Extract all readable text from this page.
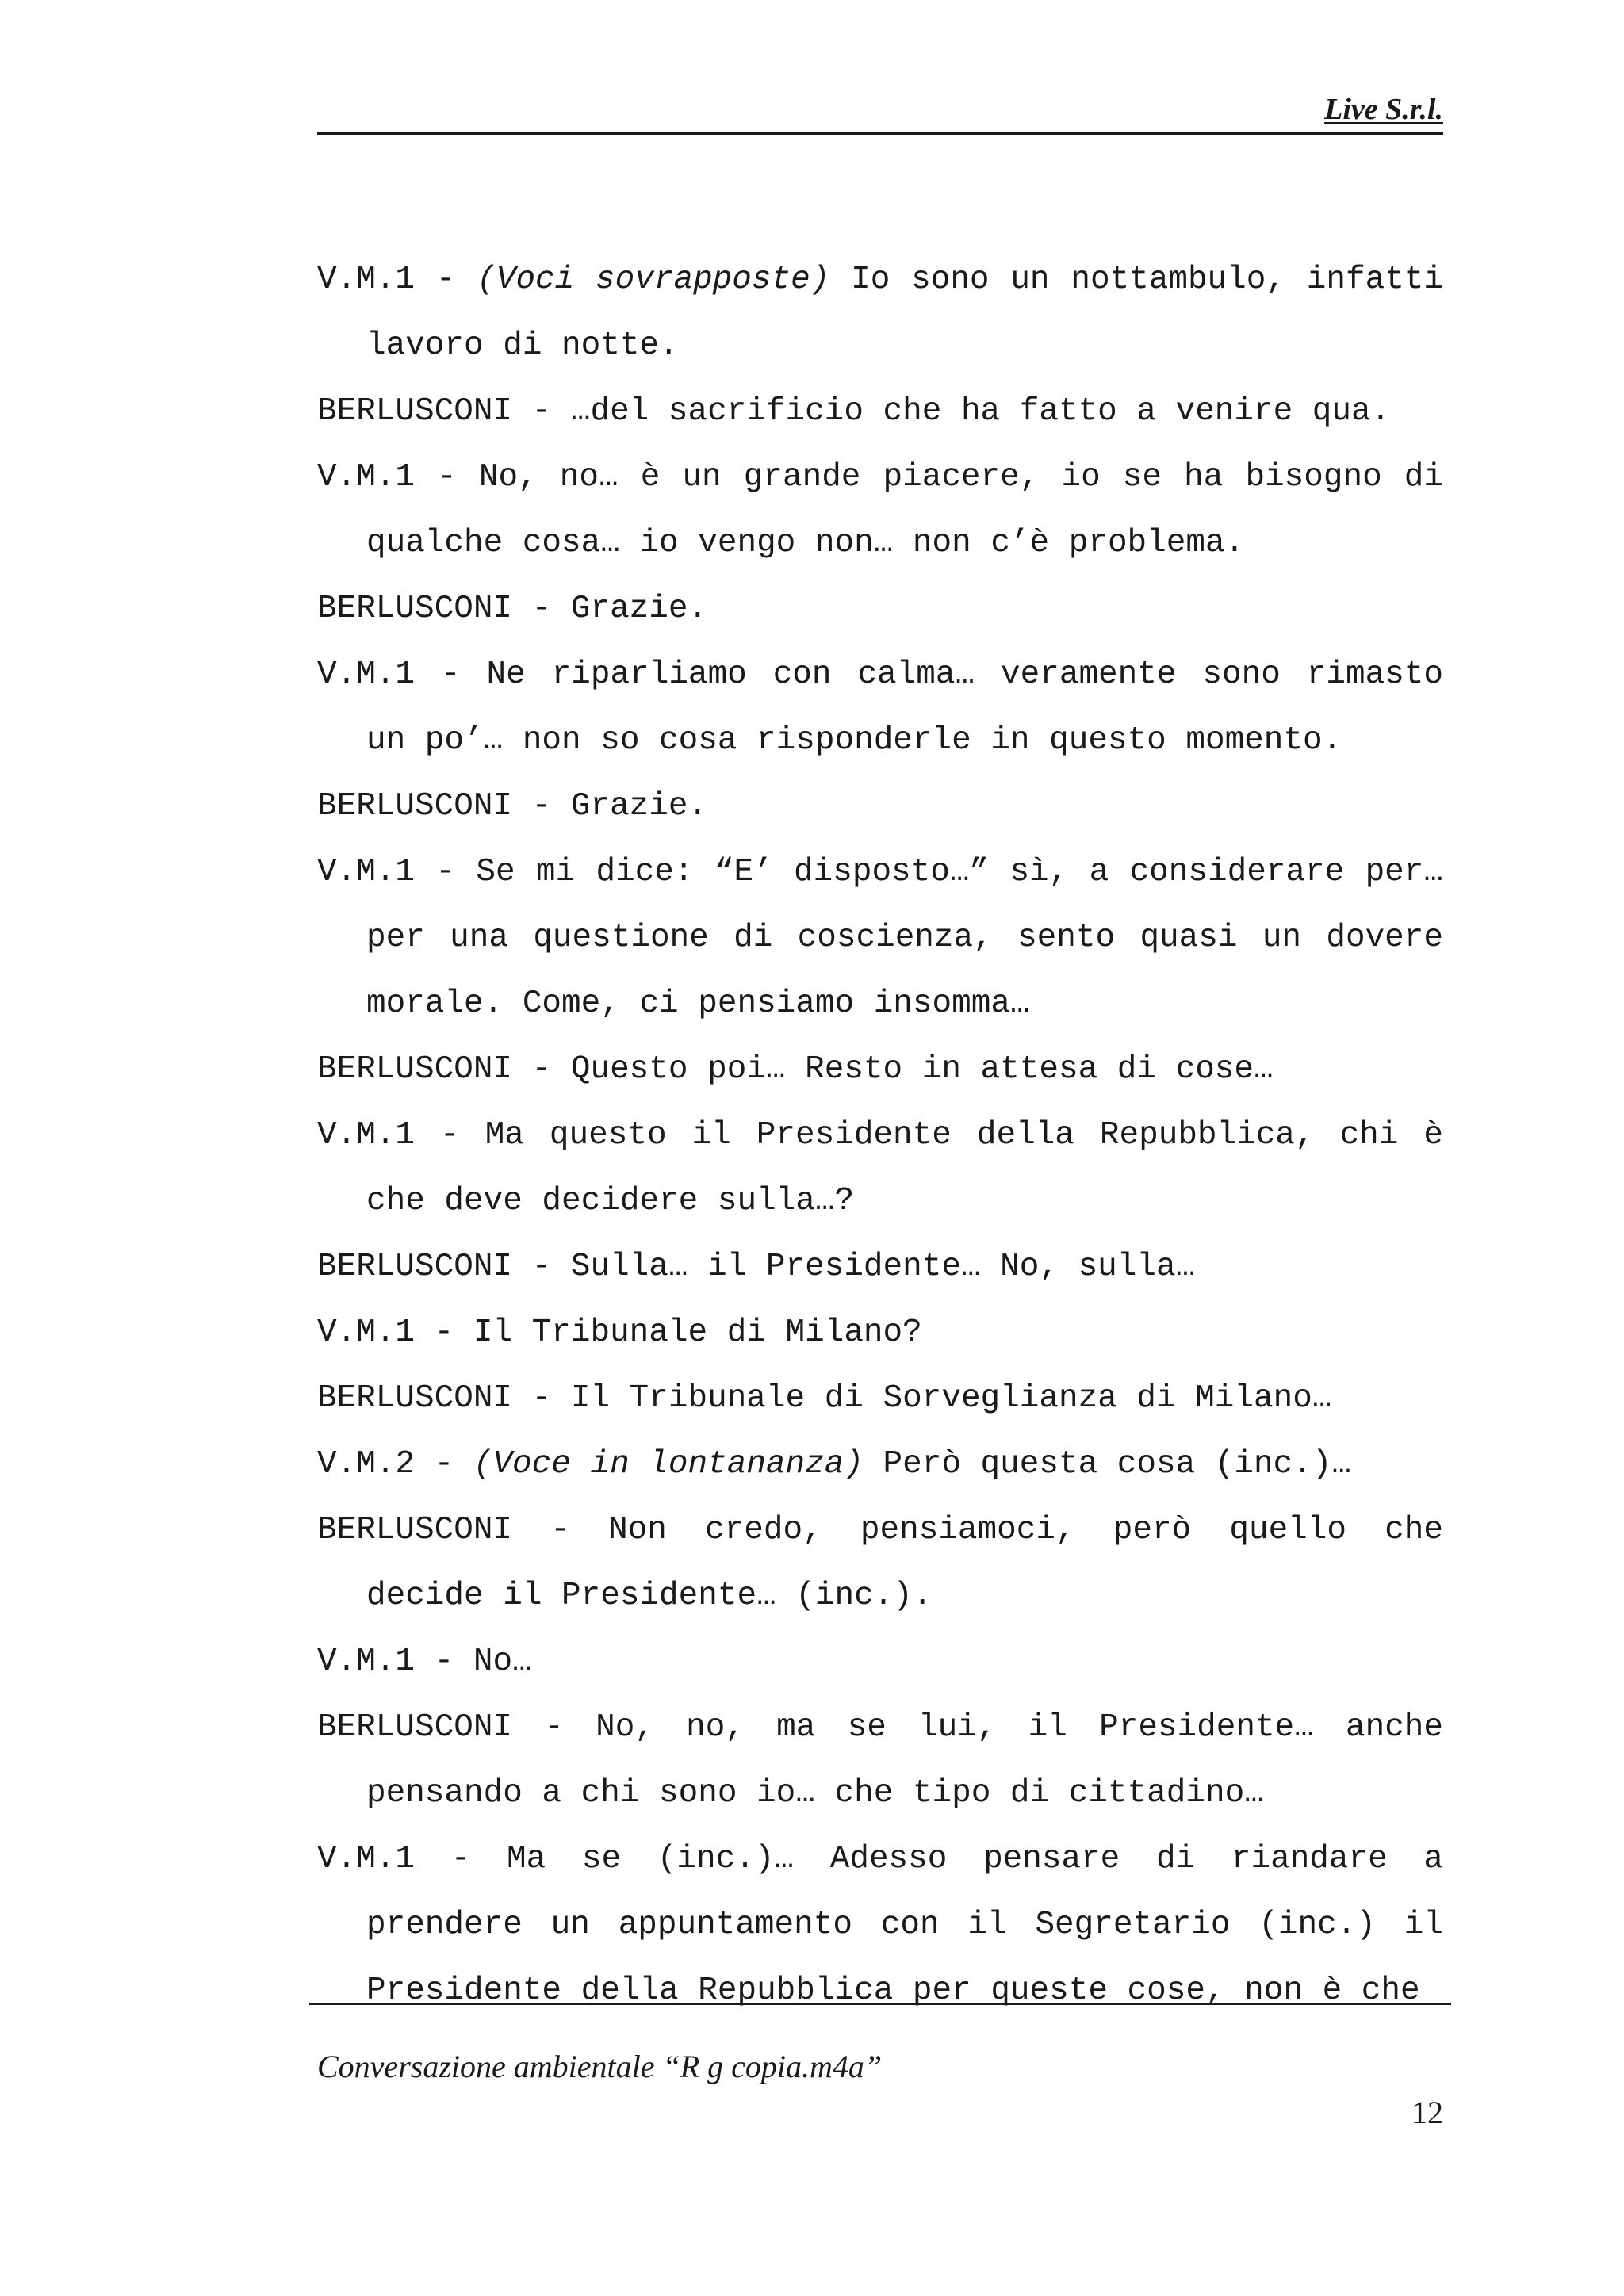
Live S.r.l.

V.M.1 - (Voci sovrapposte) Io sono un nottambulo, infatti lavoro di notte.

BERLUSCONI - …del sacrificio che ha fatto a venire qua.

V.M.1 - No, no… è un grande piacere, io se ha bisogno di qualche cosa… io vengo non… non c’è problema.

BERLUSCONI - Grazie.

V.M.1 - Ne riparliamo con calma… veramente sono rimasto un po’… non so cosa risponderle in questo momento.

BERLUSCONI - Grazie.

V.M.1 - Se mi dice: “E’ disposto…” sì, a considerare per… per una questione di coscienza, sento quasi un dovere morale. Come, ci pensiamo insomma…

BERLUSCONI - Questo poi… Resto in attesa di cose…

V.M.1 - Ma questo il Presidente della Repubblica, chi è che deve decidere sulla…?

BERLUSCONI - Sulla… il Presidente… No, sulla…

V.M.1 - Il Tribunale di Milano?

BERLUSCONI - Il Tribunale di Sorveglianza di Milano…

V.M.2 - (Voce in lontananza) Però questa cosa (inc.)…

BERLUSCONI - Non credo, pensiamoci, però quello che decide il Presidente… (inc.).

V.M.1 - No…

BERLUSCONI - No, no, ma se lui, il Presidente… anche pensando a chi sono io… che tipo di cittadino…

V.M.1 - Ma se (inc.)… Adesso pensare di riandare a prendere un appuntamento con il Segretario (inc.) il Presidente della Repubblica per queste cose, non è che

Conversazione ambientale “R g copia.m4a”
12
